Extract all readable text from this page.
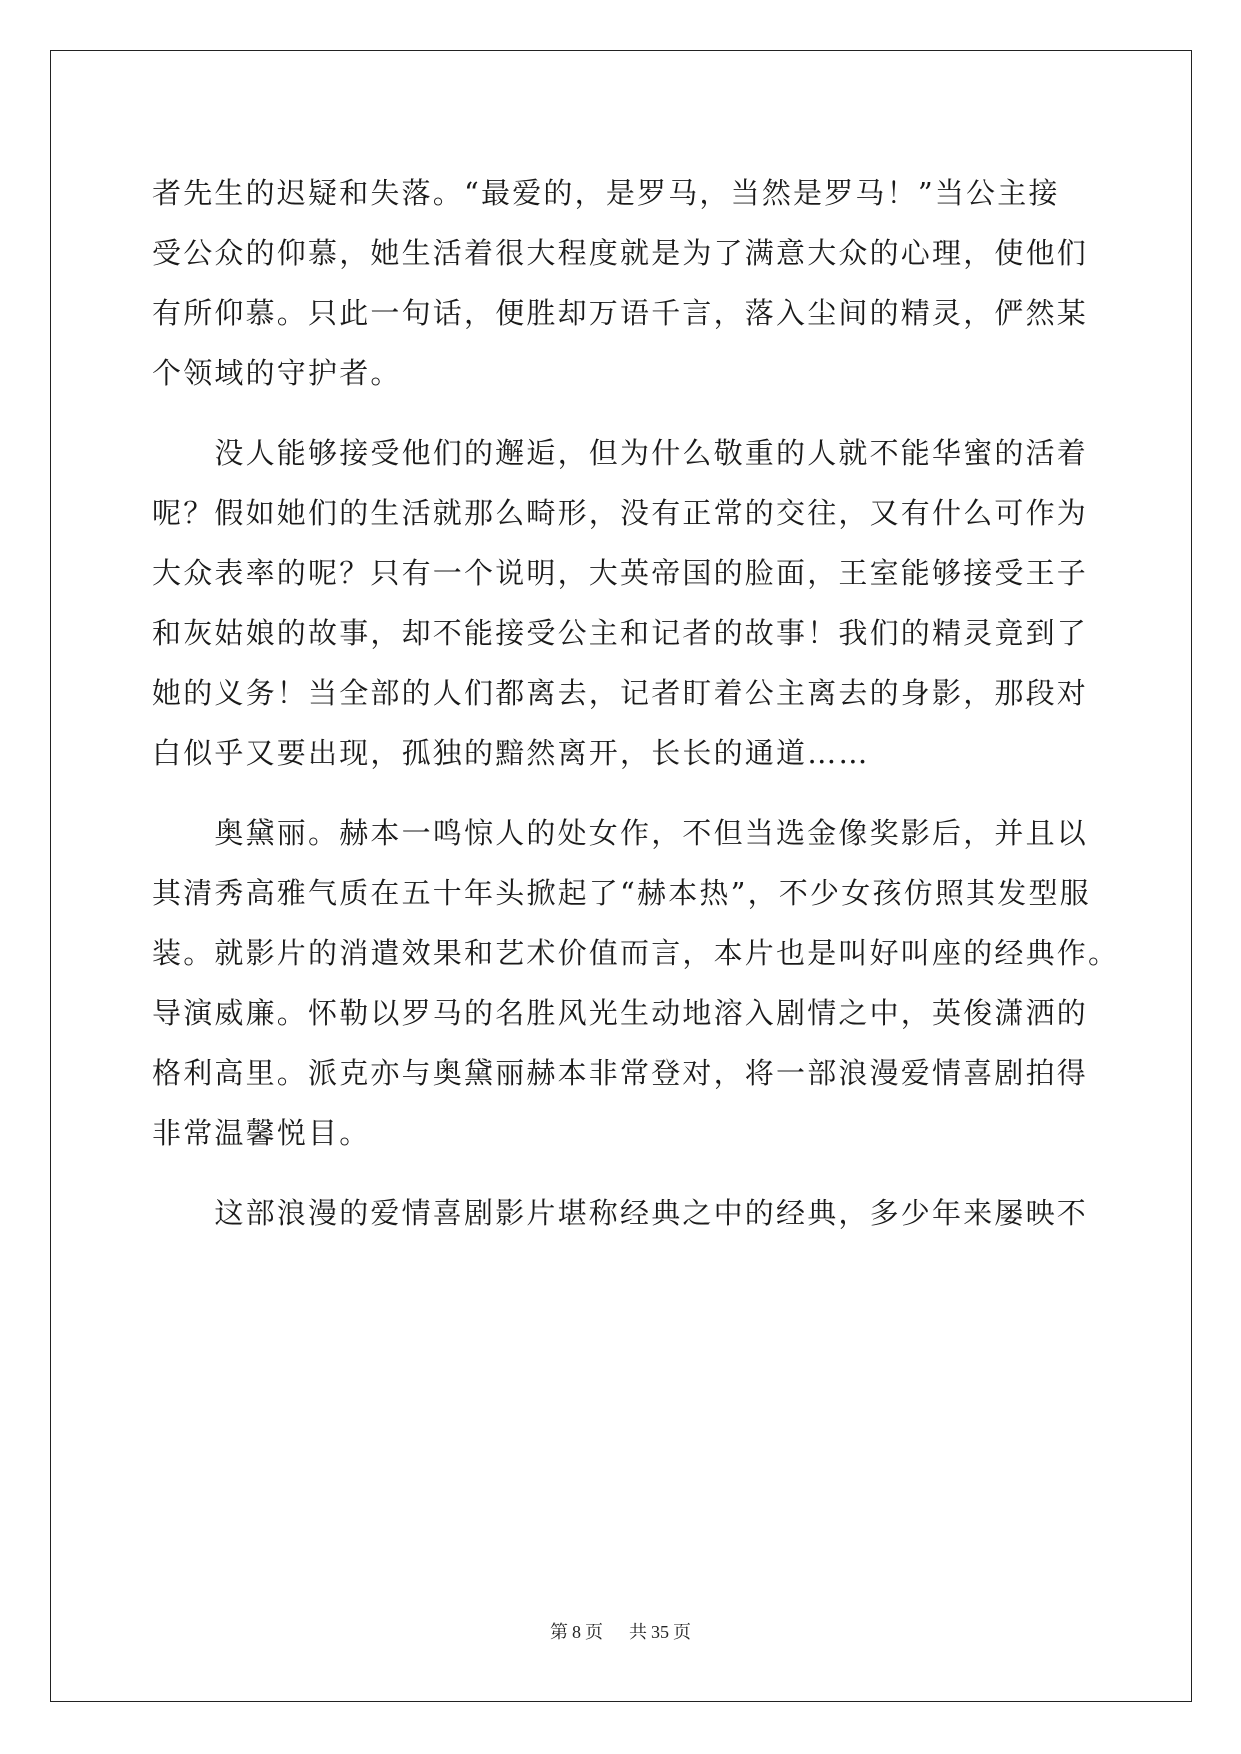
者先生的迟疑和失落。“最爱的，是罗马，当然是罗马！”当公主接

受公众的仰慕，她生活着很大程度就是为了满意大众的心理，使他们

有所仰慕。只此一句话，便胜却万语千言，落入尘间的精灵，俨然某

个领域的守护者。

　　没人能够接受他们的邂逅，但为什么敬重的人就不能华蜜的活着

呢？假如她们的生活就那么畸形，没有正常的交往，又有什么可作为

大众表率的呢？只有一个说明，大英帝国的脸面，王室能够接受王子

和灰姑娘的故事，却不能接受公主和记者的故事！我们的精灵竟到了

她的义务！当全部的人们都离去，记者盯着公主离去的身影，那段对

白似乎又要出现，孤独的黯然离开，长长的通道……

　　奥黛丽。赫本一鸣惊人的处女作，不但当选金像奖影后，并且以

其清秀高雅气质在五十年头掀起了“赫本热”，不少女孩仿照其发型服

装。就影片的消遣效果和艺术价值而言，本片也是叫好叫座的经典作。

导演威廉。怀勒以罗马的名胜风光生动地溶入剧情之中，英俊潇洒的

格利高里。派克亦与奥黛丽赫本非常登对，将一部浪漫爱情喜剧拍得

非常温馨悦目。

　　这部浪漫的爱情喜剧影片堪称经典之中的经典，多少年来屡映不

第 8 页 共 35 页
